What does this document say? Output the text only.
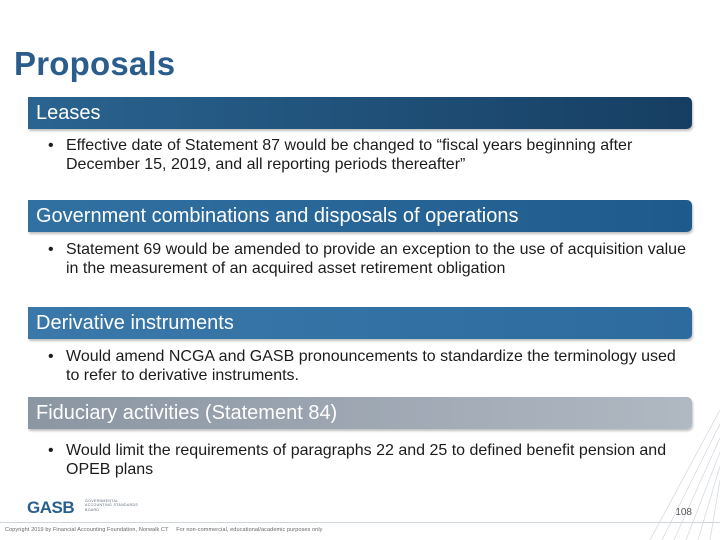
Proposals
Leases
• Effective date of Statement 87 would be changed to “fiscal years beginning after December 15, 2019, and all reporting periods thereafter”
Government combinations and disposals of operations
• Statement 69 would be amended to provide an exception to the use of acquisition value in the measurement of an acquired asset retirement obligation
Derivative instruments
• Would amend NCGA and GASB pronouncements to standardize the terminology used to refer to derivative instruments.
Fiduciary activities (Statement 84)
• Would limit the requirements of paragraphs 22 and 25 to defined benefit pension and OPEB plans
GASB	GOVERNMENTAL ACCOUNTING STANDARDS BOARD	108
Copyright 2019 by Financial Accounting Foundation, Norwalk CT For non-commercial, educational/academic purposes only
